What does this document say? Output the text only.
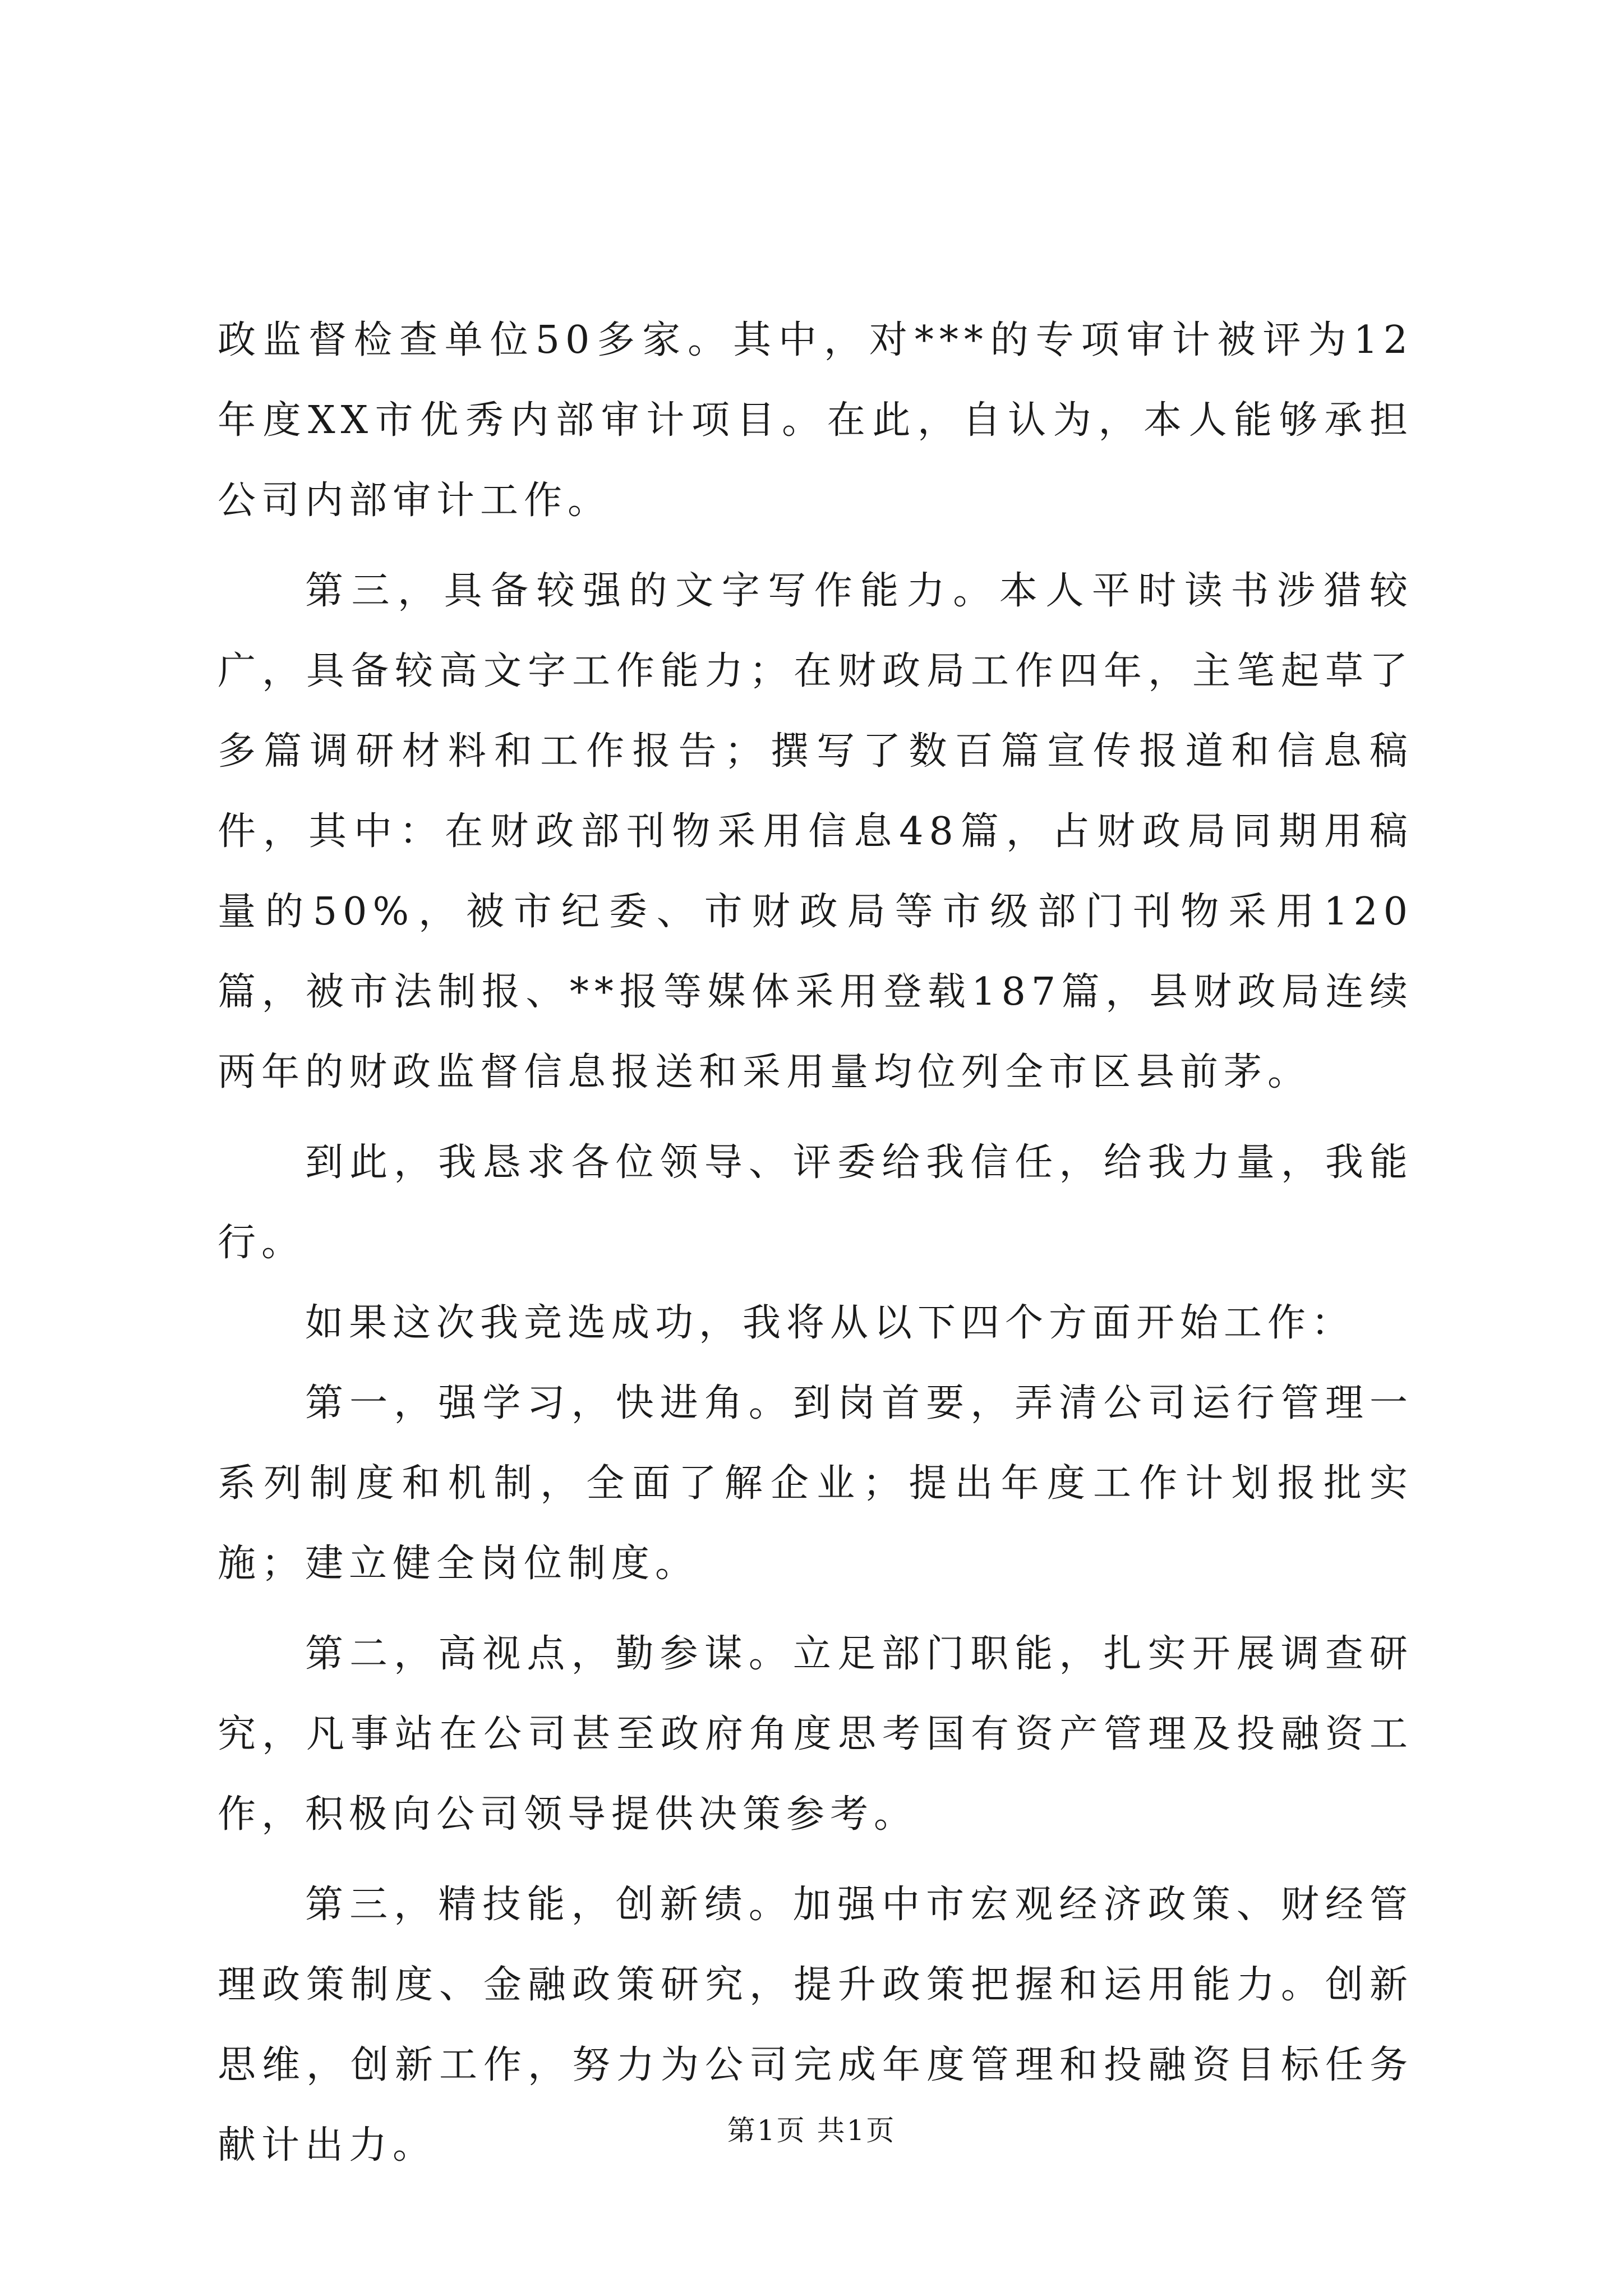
政监督检查单位50多家。其中，对***的专项审计被评为12年度XX市优秀内部审计项目。在此，自认为，本人能够承担公司内部审计工作。

第三，具备较强的文字写作能力。本人平时读书涉猎较广，具备较高文字工作能力；在财政局工作四年，主笔起草了多篇调研材料和工作报告；撰写了数百篇宣传报道和信息稿件，其中：在财政部刊物采用信息48篇，占财政局同期用稿量的50%，被市纪委、市财政局等市级部门刊物采用120篇，被市法制报、**报等媒体采用登载187篇，县财政局连续两年的财政监督信息报送和采用量均位列全市区县前茅。

到此，我恳求各位领导、评委给我信任，给我力量，我能行。

如果这次我竞选成功，我将从以下四个方面开始工作：

第一，强学习，快进角。到岗首要，弄清公司运行管理一系列制度和机制，全面了解企业；提出年度工作计划报批实施；建立健全岗位制度。

第二，高视点，勤参谋。立足部门职能，扎实开展调查研究，凡事站在公司甚至政府角度思考国有资产管理及投融资工作，积极向公司领导提供决策参考。

第三，精技能，创新绩。加强中市宏观经济政策、财经管理政策制度、金融政策研究，提升政策把握和运用能力。创新思维，创新工作，努力为公司完成年度管理和投融资目标任务献计出力。	第1页 共1页
